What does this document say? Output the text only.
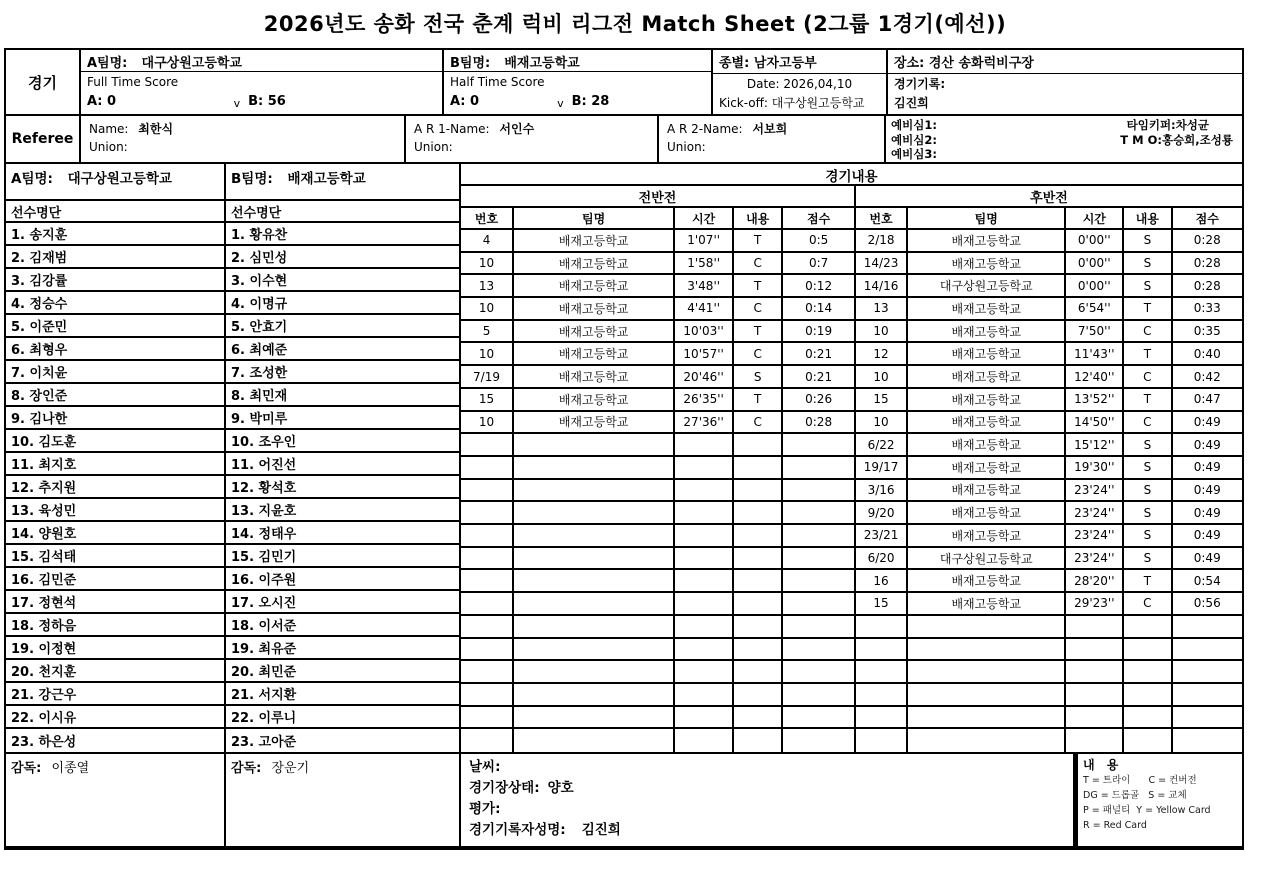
2026년도 송화 전국 춘계 럭비 리그전 Match Sheet (2그룹 1경기(예선))
경기
A팀명: 대구상원고등학교
Full Time Score
A: 0	v B: 56
B팀명: 배재고등학교
Half Time Score
A: 0	v B: 28
종별: 남자고등부
Date: 2026,04,10
Kick-off: 대구상원고등학교
장소: 경산 송화럭비구장
경기기록:
김진희
Referee
Name: 최한식
Union:
A R 1-Name: 서인수
Union:
A R 2-Name: 서보희
Union:
예비심1:	타임키퍼:차성균
예비심2:	T M O:홍승희,조성룡
예비심3:
A팀명: 대구상원고등학교
선수명단
1. 송지훈
2. 김재범
3. 김강률
4. 정승수
5. 이준민
6. 최형우
7. 이치윤
8. 장인준
9. 김나한
10. 김도훈
11. 최지호
12. 추지원
13. 육성민
14. 양원호
15. 김석태
16. 김민준
17. 정현석
18. 정하음
19. 이정현
20. 천지훈
21. 강근우
22. 이시유
23. 하은성
B팀명: 배재고등학교
선수명단
1. 황유찬
2. 심민성
3. 이수현
4. 이명규
5. 안효기
6. 최예준
7. 조성한
8. 최민재
9. 박미루
10. 조우인
11. 어진선
12. 황석호
13. 지윤호
14. 정태우
15. 김민기
16. 이주원
17. 오시진
18. 이서준
19. 최유준
20. 최민준
21. 서지환
22. 이루니
23. 고아준
경기내용
전반전
번호	팀명	시간	내용	점수
4	배재고등학교	1'07''	T	0:5
10	배재고등학교	1'58''	C	0:7
13	배재고등학교	3'48''	T	0:12
10	배재고등학교	4'41''	C	0:14
5	배재고등학교	10'03''	T	0:19
10	배재고등학교	10'57''	C	0:21
7/19	배재고등학교	20'46''	S	0:21
15	배재고등학교	26'35''	T	0:26
10	배재고등학교	27'36''	C	0:28
후반전
번호	팀명	시간	내용	점수
2/18	배재고등학교	0'00''	S	0:28
14/23	배재고등학교	0'00''	S	0:28
14/16	대구상원고등학교	0'00''	S	0:28
13	배재고등학교	6'54''	T	0:33
10	배재고등학교	7'50''	C	0:35
12	배재고등학교	11'43''	T	0:40
10	배재고등학교	12'40''	C	0:42
15	배재고등학교	13'52''	T	0:47
10	배재고등학교	14'50''	C	0:49
6/22	배재고등학교	15'12''	S	0:49
19/17	배재고등학교	19'30''	S	0:49
3/16	배재고등학교	23'24''	S	0:49
9/20	배재고등학교	23'24''	S	0:49
23/21	배재고등학교	23'24''	S	0:49
6/20	대구상원고등학교	23'24''	S	0:49
16	배재고등학교	28'20''	T	0:54
15	배재고등학교	29'23''	C	0:56
감독: 이종열	감독: 장운기	날씨:
경기장상태: 양호
평가:
경기기록자성명: 김진희
내 용
T = 트라이      C = 컨버전
DG = 드롭골   S = 교체
P = 패널티  Y = Yellow Card
R = Red Card
